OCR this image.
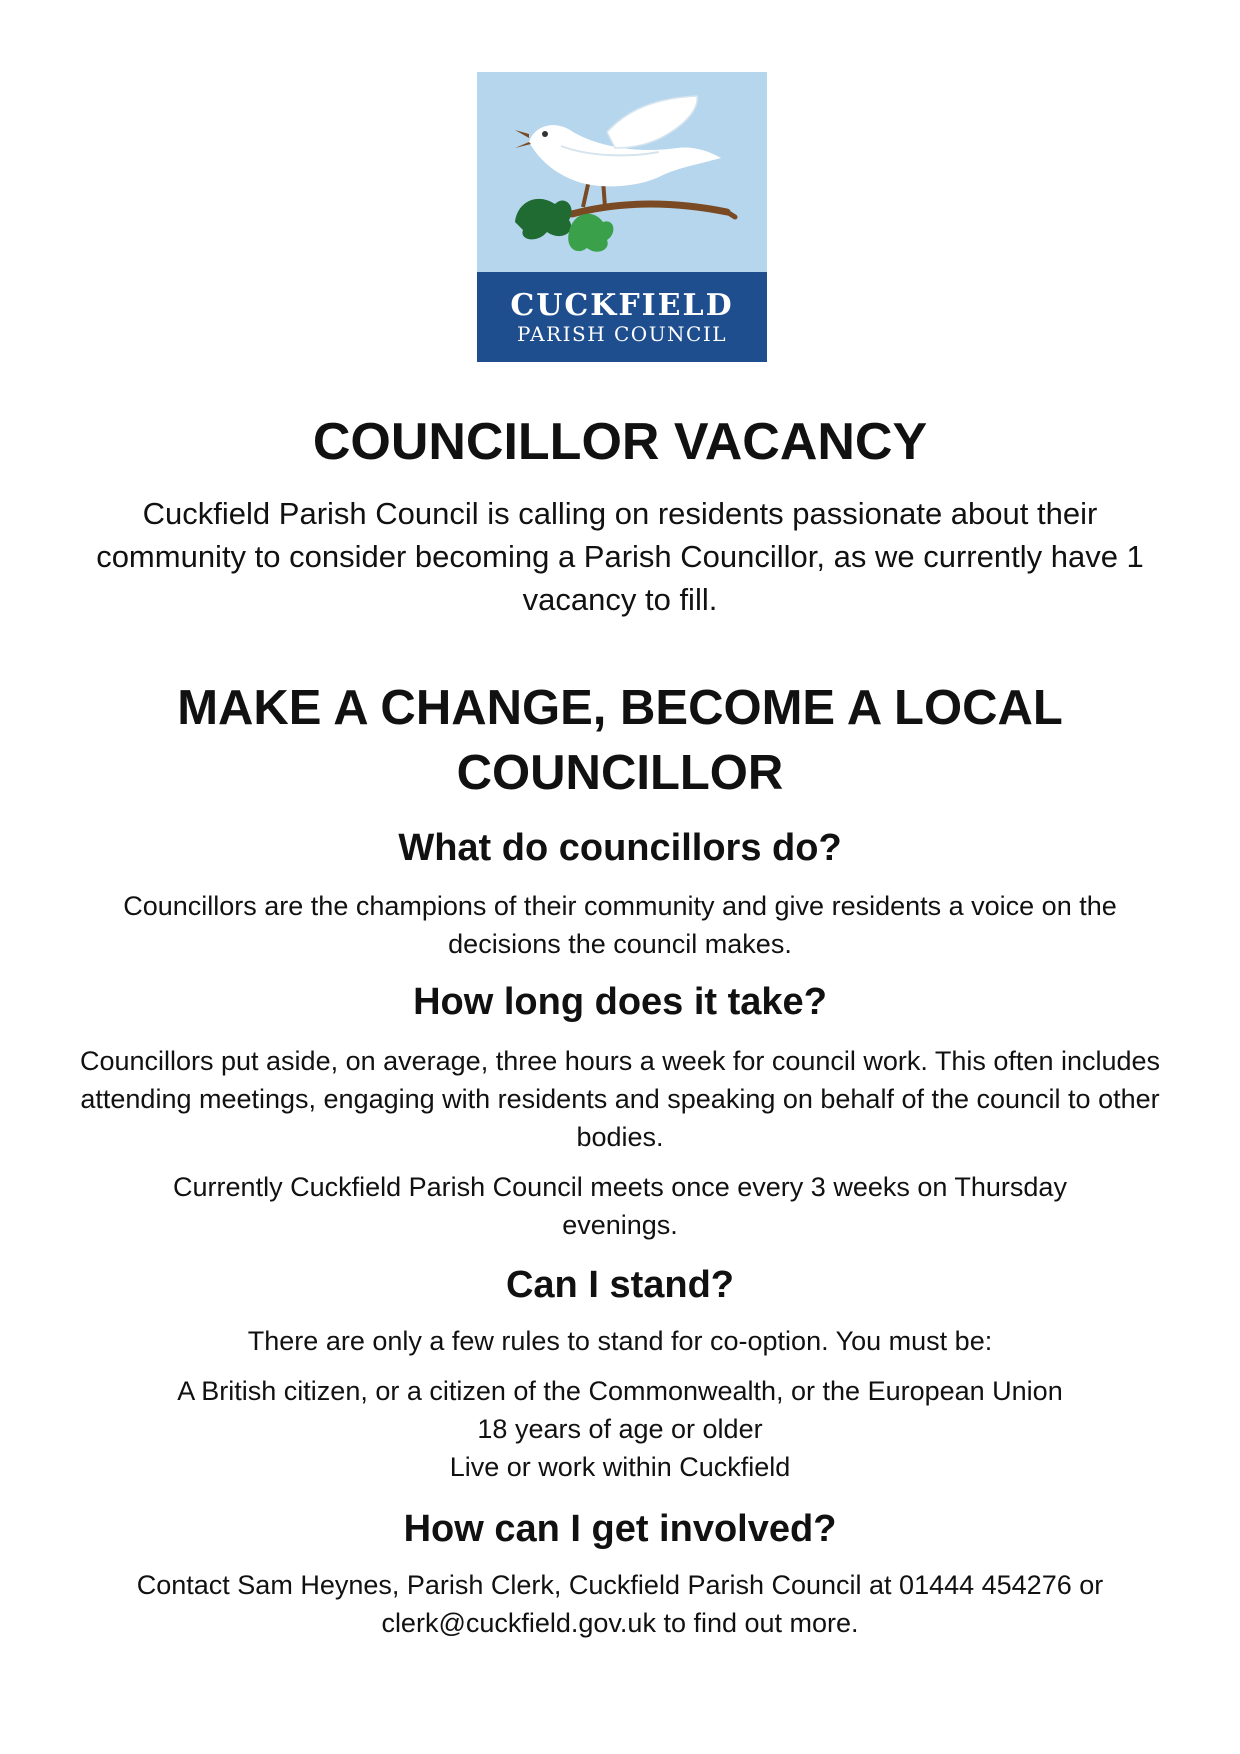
CUCKFIELD
PARISH COUNCIL
COUNCILLOR VACANCY

Cuckfield Parish Council is calling on residents passionate about their community to consider becoming a Parish Councillor, as we currently have 1 vacancy to fill.

MAKE A CHANGE, BECOME A LOCAL COUNCILLOR
What do councillors do?

Councillors are the champions of their community and give residents a voice on the decisions the council makes.

How long does it take?

Councillors put aside, on average, three hours a week for council work. This often includes attending meetings, engaging with residents and speaking on behalf of the council to other bodies.

Currently Cuckfield Parish Council meets once every 3 weeks on Thursday evenings.

Can I stand?

There are only a few rules to stand for co-option. You must be:

A British citizen, or a citizen of the Commonwealth, or the European Union
18 years of age or older
Live or work within Cuckfield
How can I get involved?

Contact Sam Heynes, Parish Clerk, Cuckfield Parish Council at 01444 454276 or clerk@cuckfield.gov.uk to find out more.
